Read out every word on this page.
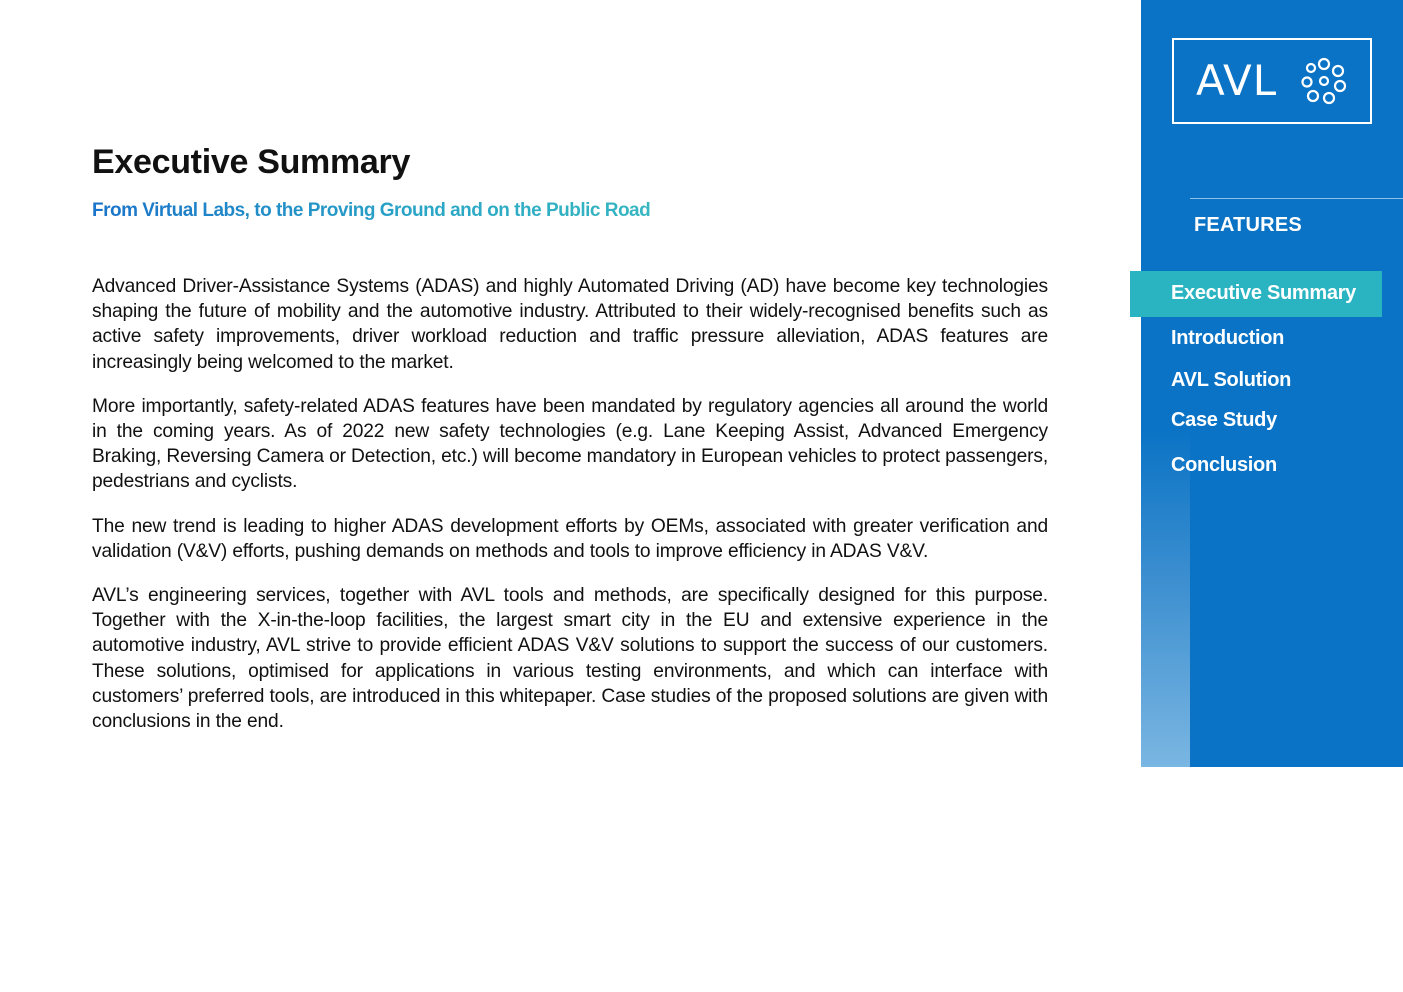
Executive Summary
From Virtual Labs, to the Proving Ground and on the Public Road

Advanced Driver-Assistance Systems (ADAS) and highly Automated Driving (AD) have become key technologies shaping the future of mobility and the automotive industry. Attributed to their widely-recognised benefits such as active safety improvements, driver workload reduction and traffic pressure alleviation, ADAS features are increasingly being welcomed to the market.

More importantly, safety-related ADAS features have been mandated by regulatory agencies all around the world in the coming years. As of 2022 new safety technologies (e.g. Lane Keeping Assist, Advanced Emergency Braking, Reversing Camera or Detection, etc.) will become mandatory in European vehicles to protect passengers, pedestrians and cyclists.

The new trend is leading to higher ADAS development efforts by OEMs, associated with greater verification and validation (V&V) efforts, pushing demands on methods and tools to improve efficiency in ADAS V&V.

AVL’s engineering services, together with AVL tools and methods, are specifically designed for this purpose. Together with the X-in-the-loop facilities, the largest smart city in the EU and extensive experience in the automotive industry, AVL strive to provide efficient ADAS V&V solutions to support the success of our customers. These solutions, optimised for applications in various testing environments, and which can interface with customers’ preferred tools, are introduced in this whitepaper. Case studies of the proposed solutions are given with conclusions in the end.

AVL
FEATURES
Executive Summary
Introduction
AVL Solution
Case Study
Conclusion
